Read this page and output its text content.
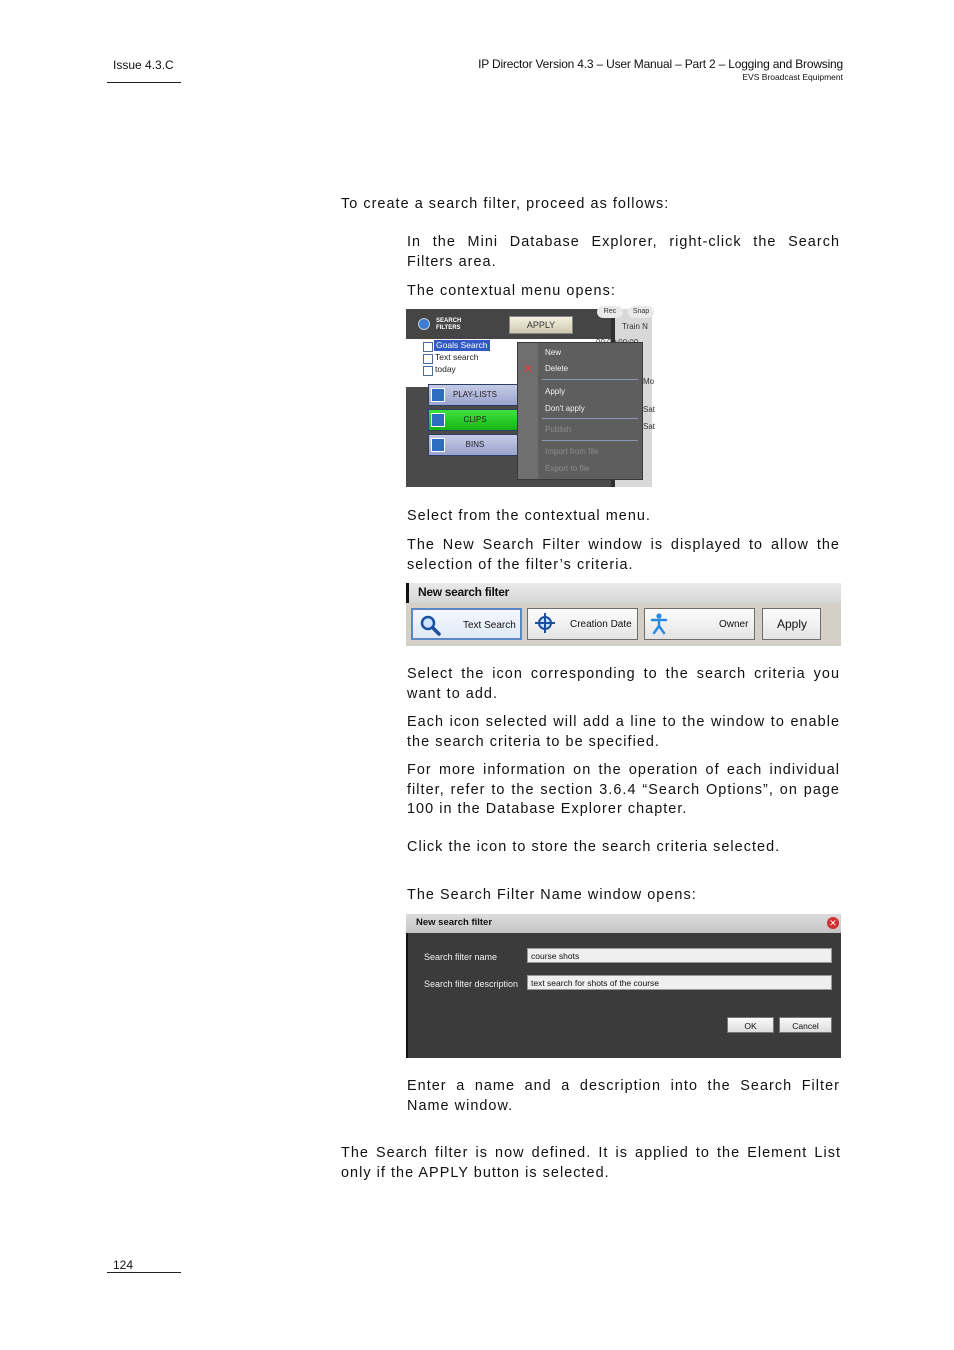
Issue 4.3.C	IP Director Version 4.3 – User Manual – Part 2 – Logging and Browsing
EVS Broadcast Equipment
To create a search filter, proceed as follows:
In the Mini Database Explorer, right-click the Search Filters area.
The contextual menu opens:
SEARCH
FILTERS	APPLY
Goals Search
Text search
today
PLAY-LISTS
CLIPS
BINS
Rec	Snap
Train N
Mo
Sat
Sat
✕
New
Delete
Apply
Don't apply
Publish
Import from file
Export to file
Select from the contextual menu.
The New Search Filter window is displayed to allow the selection of the filter’s criteria.
New search filter
Text Search	Creation Date	Owner Apply
Select the icon corresponding to the search criteria you want to add.
Each icon selected will add a line to the window to enable the search criteria to be specified.
For more information on the operation of each individual filter, refer to the section 3.6.4 “Search Options”, on page 100 in the Database Explorer chapter.
Click the icon to store the search criteria selected.
The Search Filter Name window opens:
New search filter	✕
Search filter name	course shots
Search filter description	text search for shots of the course
OK	Cancel
Enter a name and a description into the Search Filter Name window.
The Search filter is now defined. It is applied to the Element List only if the APPLY button is selected.
124
